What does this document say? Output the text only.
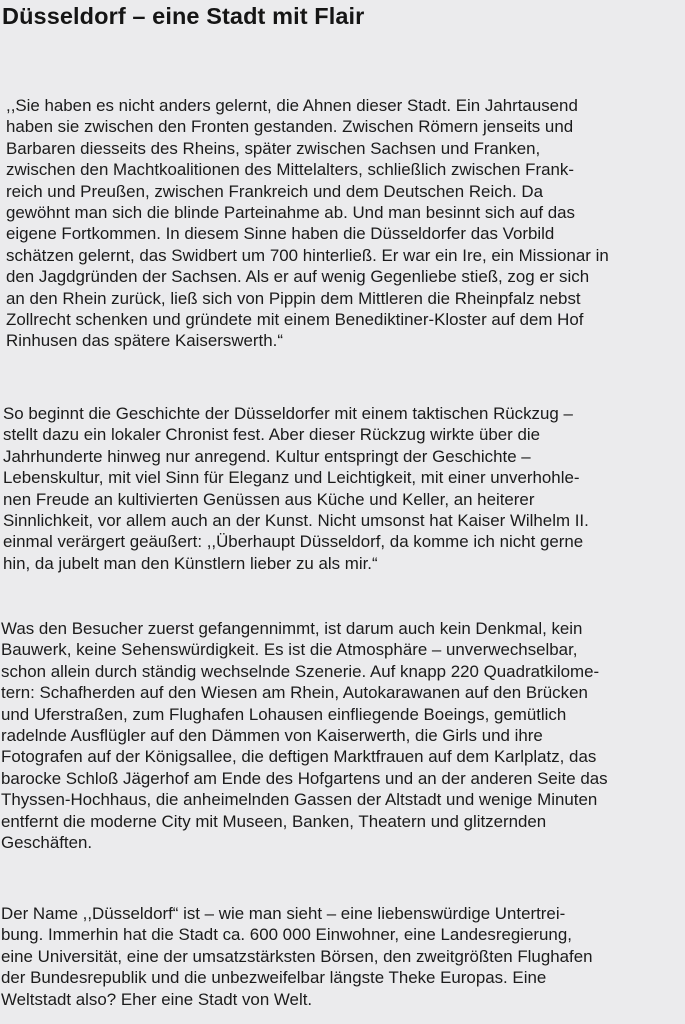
Düsseldorf – eine Stadt mit Flair
,,Sie haben es nicht anders gelernt, die Ahnen dieser Stadt. Ein Jahrtausend
haben sie zwischen den Fronten gestanden. Zwischen Römern jenseits und
Barbaren diesseits des Rheins, später zwischen Sachsen und Franken,
zwischen den Machtkoalitionen des Mittelalters, schließlich zwischen Frank-
reich und Preußen, zwischen Frankreich und dem Deutschen Reich. Da
gewöhnt man sich die blinde Parteinahme ab. Und man besinnt sich auf das
eigene Fortkommen. In diesem Sinne haben die Düsseldorfer das Vorbild
schätzen gelernt, das Swidbert um 700 hinterließ. Er war ein Ire, ein Missionar in
den Jagdgründen der Sachsen. Als er auf wenig Gegenliebe stieß, zog er sich
an den Rhein zurück, ließ sich von Pippin dem Mittleren die Rheinpfalz nebst
Zollrecht schenken und gründete mit einem Benediktiner-Kloster auf dem Hof
Rinhusen das spätere Kaiserswerth.“
So beginnt die Geschichte der Düsseldorfer mit einem taktischen Rückzug –
stellt dazu ein lokaler Chronist fest. Aber dieser Rückzug wirkte über die
Jahrhunderte hinweg nur anregend. Kultur entspringt der Geschichte –
Lebenskultur, mit viel Sinn für Eleganz und Leichtigkeit, mit einer unverhohle-
nen Freude an kultivierten Genüssen aus Küche und Keller, an heiterer
Sinnlichkeit, vor allem auch an der Kunst. Nicht umsonst hat Kaiser Wilhelm II.
einmal verärgert geäußert: ,,Überhaupt Düsseldorf, da komme ich nicht gerne
hin, da jubelt man den Künstlern lieber zu als mir.“
Was den Besucher zuerst gefangennimmt, ist darum auch kein Denkmal, kein
Bauwerk, keine Sehenswürdigkeit. Es ist die Atmosphäre – unverwechselbar,
schon allein durch ständig wechselnde Szenerie. Auf knapp 220 Quadratkilome-
tern: Schafherden auf den Wiesen am Rhein, Autokarawanen auf den Brücken
und Uferstraßen, zum Flughafen Lohausen einfliegende Boeings, gemütlich
radelnde Ausflügler auf den Dämmen von Kaiserwerth, die Girls und ihre
Fotografen auf der Königsallee, die deftigen Marktfrauen auf dem Karlplatz, das
barocke Schloß Jägerhof am Ende des Hofgartens und an der anderen Seite das
Thyssen-Hochhaus, die anheimelnden Gassen der Altstadt und wenige Minuten
entfernt die moderne City mit Museen, Banken, Theatern und glitzernden
Geschäften.
Der Name ,,Düsseldorf“ ist – wie man sieht – eine liebenswürdige Untertrei-
bung. Immerhin hat die Stadt ca. 600 000 Einwohner, eine Landesregierung,
eine Universität, eine der umsatzstärksten Börsen, den zweitgrößten Flughafen
der Bundesrepublik und die unbezweifelbar längste Theke Europas. Eine
Weltstadt also? Eher eine Stadt von Welt.
